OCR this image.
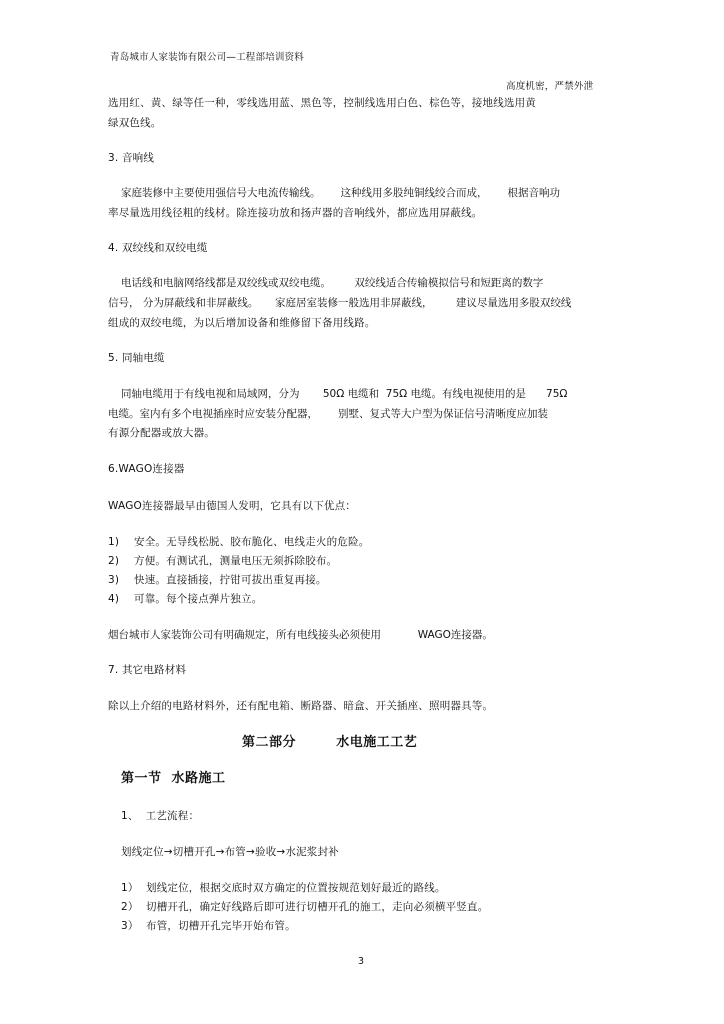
青岛城市人家装饰有限公司—工程部培训资料
高度机密，严禁外泄
选用红、黄、绿等任一种，零线选用蓝、黑色等，控制线选用白色、棕色等，接地线选用黄
绿双色线。
3. 音响线
家庭装修中主要使用强信号大电流传输线。      这种线用多股纯铜线绞合而成，      根据音响功
率尽量选用线径粗的线材。除连接功放和扬声器的音响线外，都应选用屏蔽线。
4. 双绞线和双绞电缆
电话线和电脑网络线都是双绞线或双绞电缆。       双绞线适合传输模拟信号和短距离的数字
信号， 分为屏蔽线和非屏蔽线。     家庭居室装修一般选用非屏蔽线，       建议尽量选用多股双绞线
组成的双绞电缆，为以后增加设备和维修留下备用线路。
5. 同轴电缆
同轴电缆用于有线电视和局域网，分为       50Ω 电缆和  75Ω 电缆。有线电视使用的是      75Ω
电缆。室内有多个电视插座时应安装分配器，      别墅、复式等大户型为保证信号清晰度应加装
有源分配器或放大器。
6.WAGO连接器
WAGO连接器最早由德国人发明，它具有以下优点：
1) 安全。无导线松脱、胶布脆化、电线走火的危险。
2) 方便。有测试孔，测量电压无须拆除胶布。
3) 快速。直接插接，拧钳可拔出重复再接。
4) 可靠。每个接点弹片独立。
烟台城市人家装饰公司有明确规定，所有电线接头必须使用           WAGO连接器。
7. 其它电路材料
除以上介绍的电路材料外，还有配电箱、断路器、暗盒、开关插座、照明器具等。
第二部分        水电施工工艺
第一节  水路施工
1、  工艺流程：
划线定位→切槽开孔→布管→验收→水泥浆封补
1） 划线定位，根据交底时双方确定的位置按规范划好最近的路线。
2） 切槽开孔，确定好线路后即可进行切槽开孔的施工，走向必须横平竖直。
3） 布管，切槽开孔完毕开始布管。
3
